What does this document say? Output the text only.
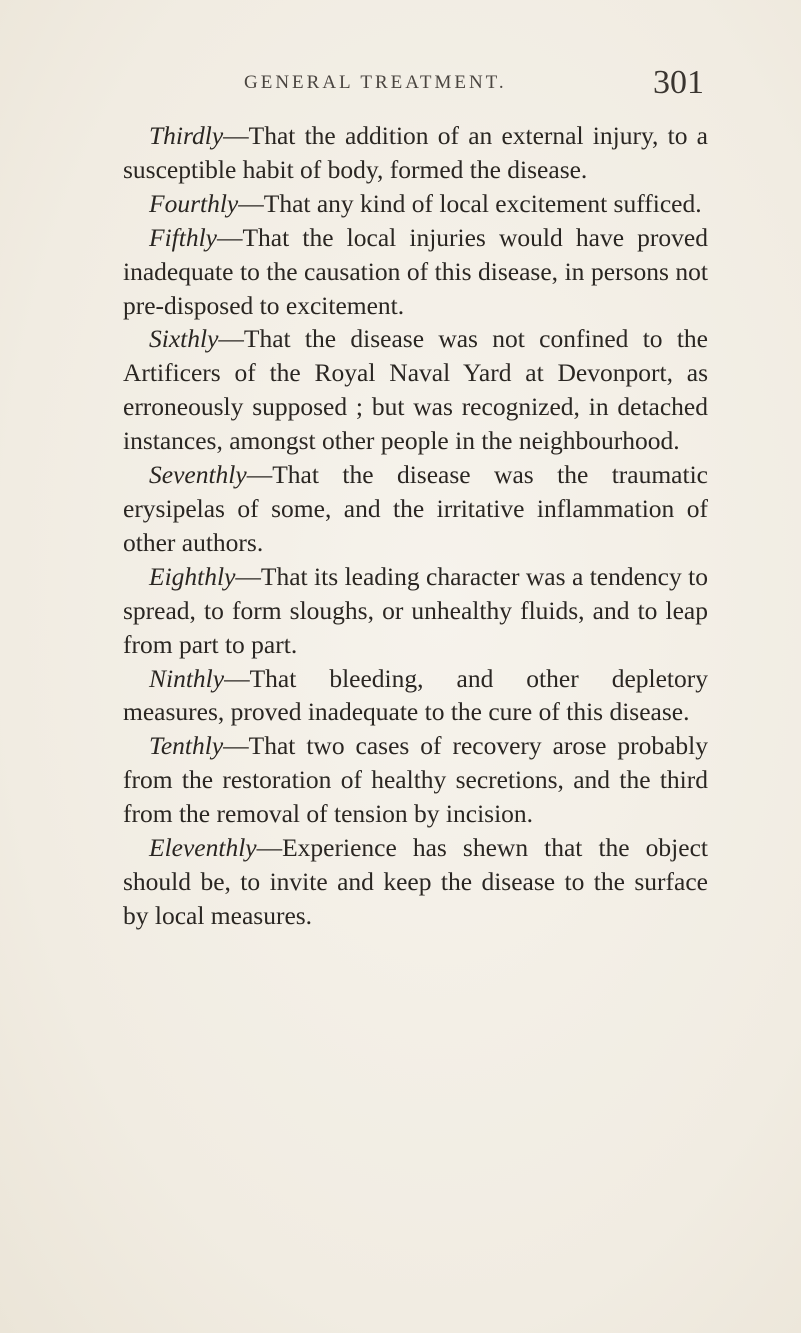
GENERAL TREATMENT.	301

Thirdly—That the addition of an external injury, to a susceptible habit of body, formed the disease.

Fourthly—That any kind of local excitement sufficed.

Fifthly—That the local injuries would have proved inadequate to the causation of this disease, in persons not pre-disposed to excitement.

Sixthly—That the disease was not confined to the Artificers of the Royal Naval Yard at Devonport, as erroneously supposed ; but was recognized, in detached instances, amongst other people in the neighbourhood.

Seventhly—That the disease was the traumatic erysipelas of some, and the irritative inflammation of other authors.

Eighthly—That its leading character was a tendency to spread, to form sloughs, or unhealthy fluids, and to leap from part to part.

Ninthly—That bleeding, and other depletory measures, proved inadequate to the cure of this disease.

Tenthly—That two cases of recovery arose probably from the restoration of healthy secretions, and the third from the removal of tension by incision.

Eleventhly—Experience has shewn that the object should be, to invite and keep the disease to the surface by local measures.
